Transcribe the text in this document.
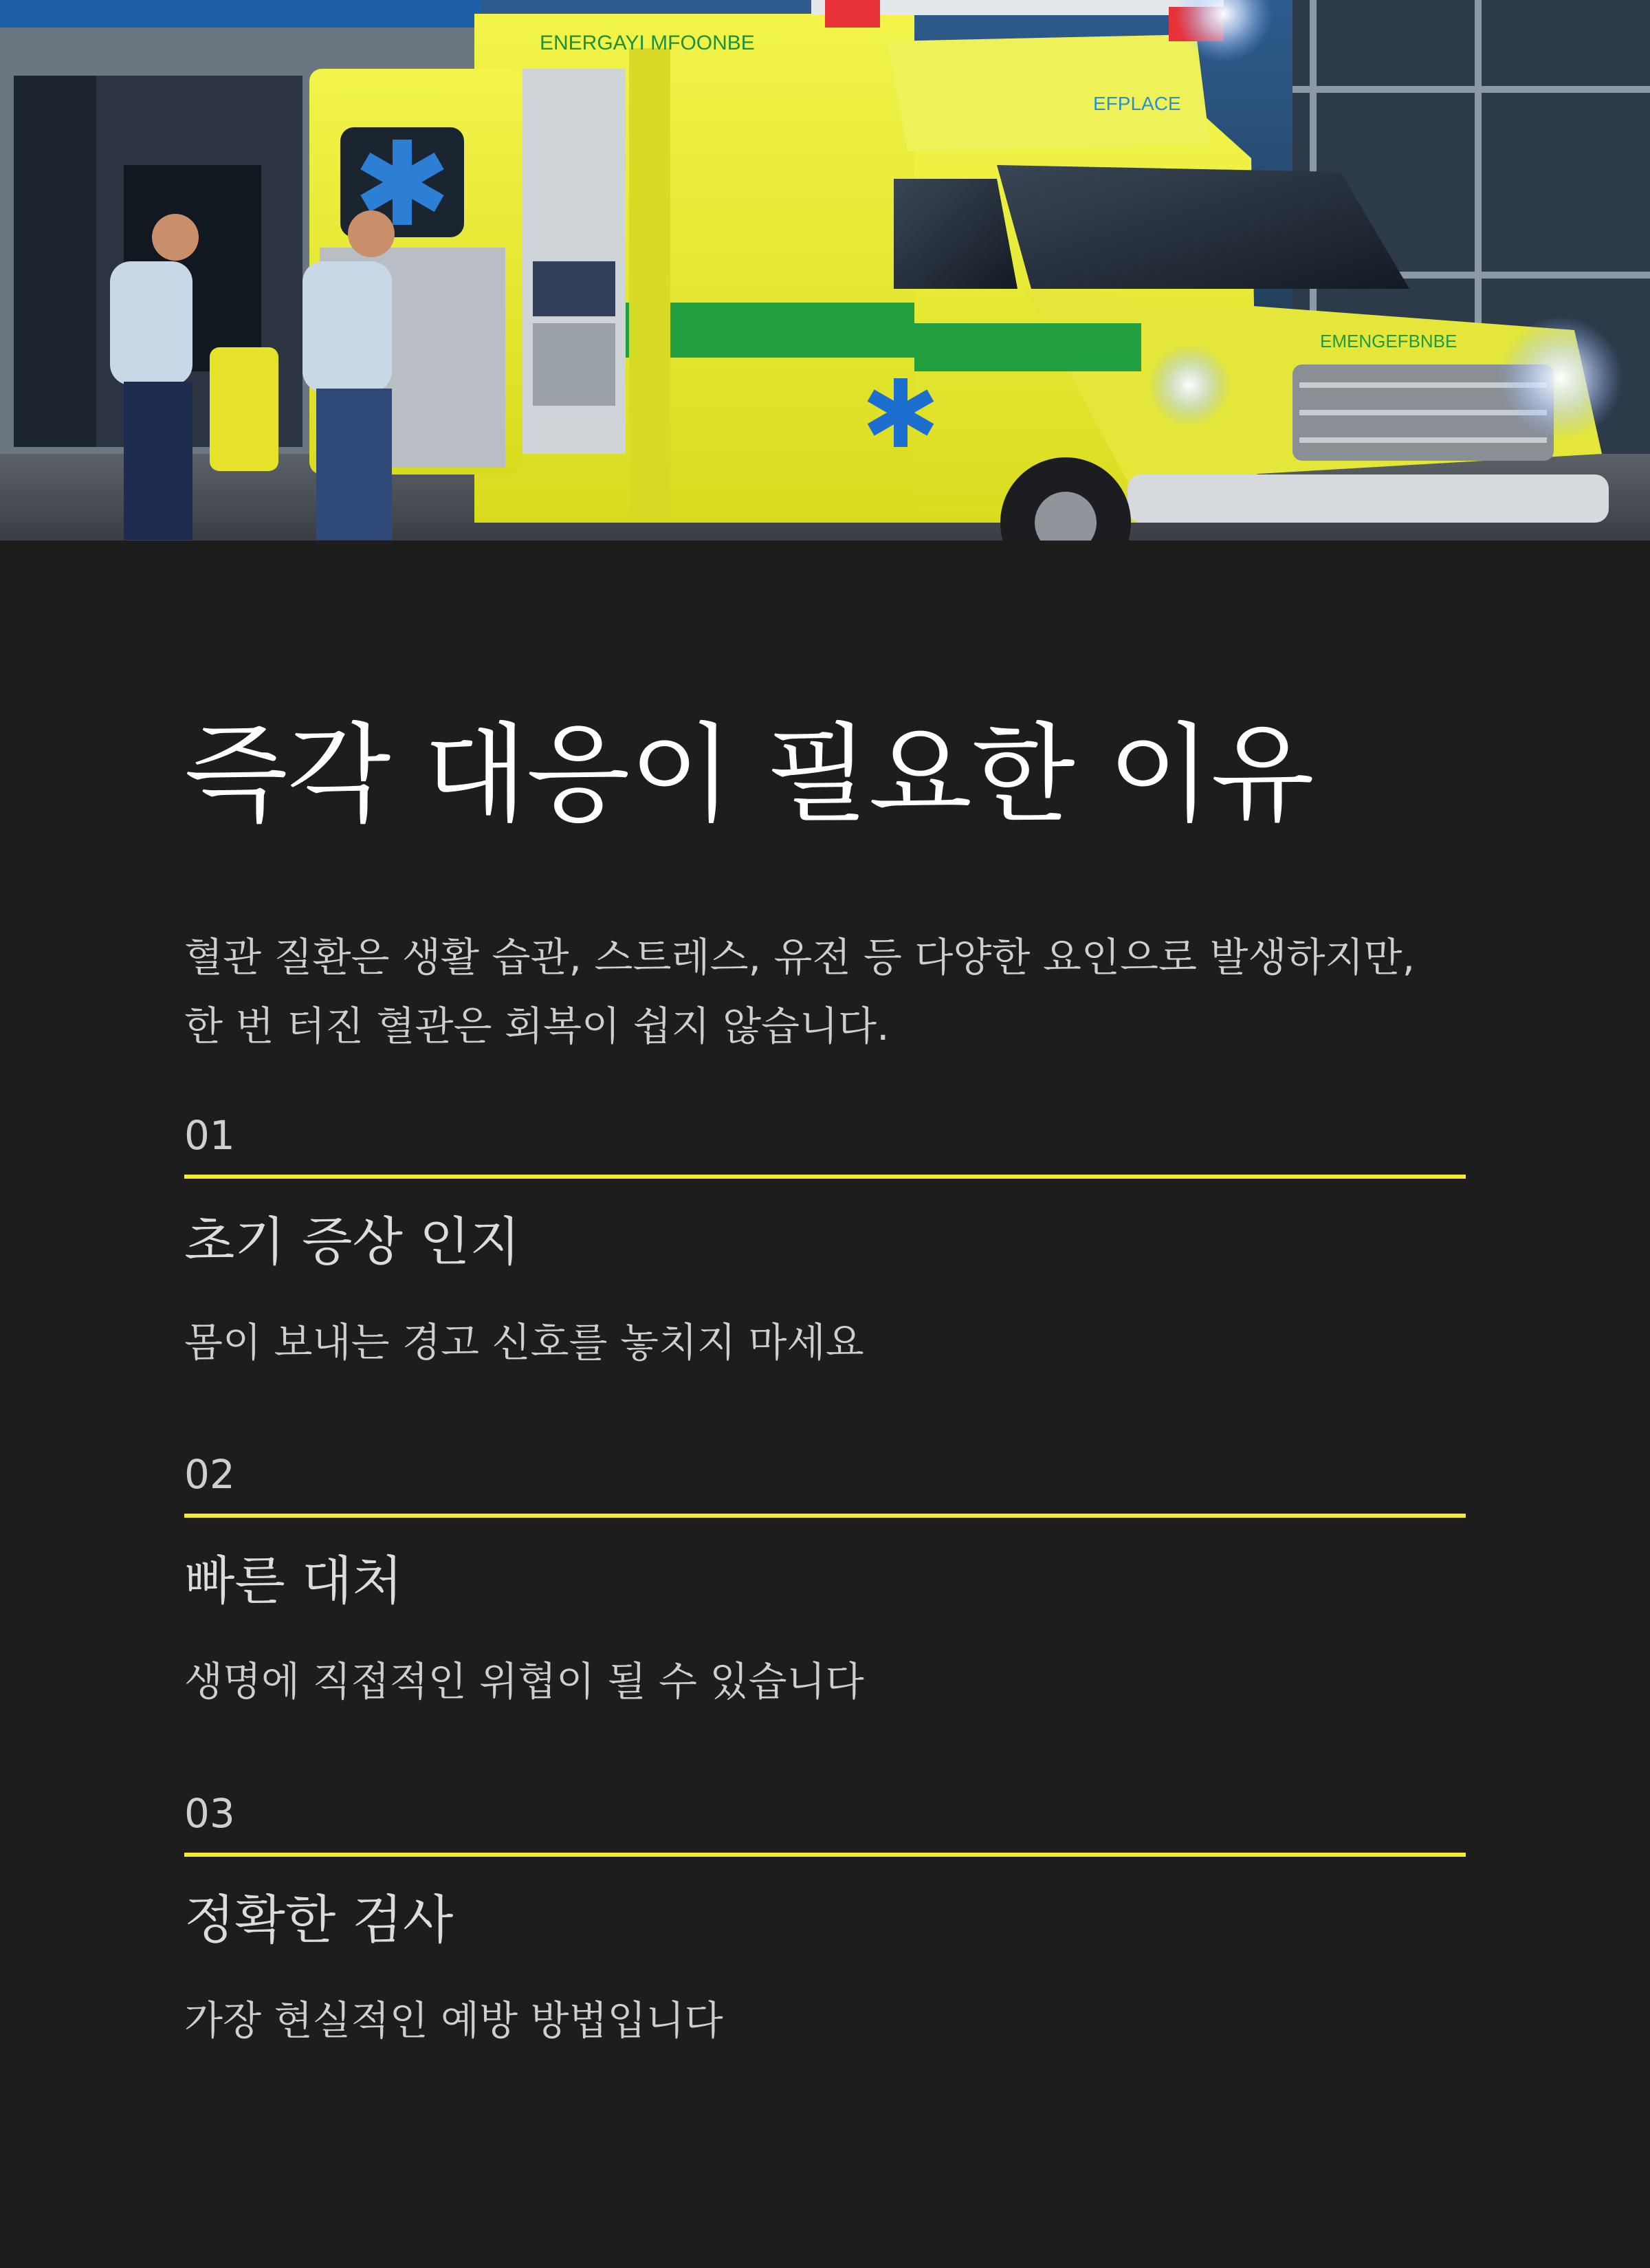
ENERGAYI MFOONBE
EFPLACE
EMENGEFBNBE
즉각 대응이 필요한 이유
혈관 질환은 생활 습관, 스트레스, 유전 등 다양한 요인으로 발생하지만,
한 번 터진 혈관은 회복이 쉽지 않습니다.
01
초기 증상 인지
몸이 보내는 경고 신호를 놓치지 마세요
02
빠른 대처
생명에 직접적인 위협이 될 수 있습니다
03
정확한 검사
가장 현실적인 예방 방법입니다
